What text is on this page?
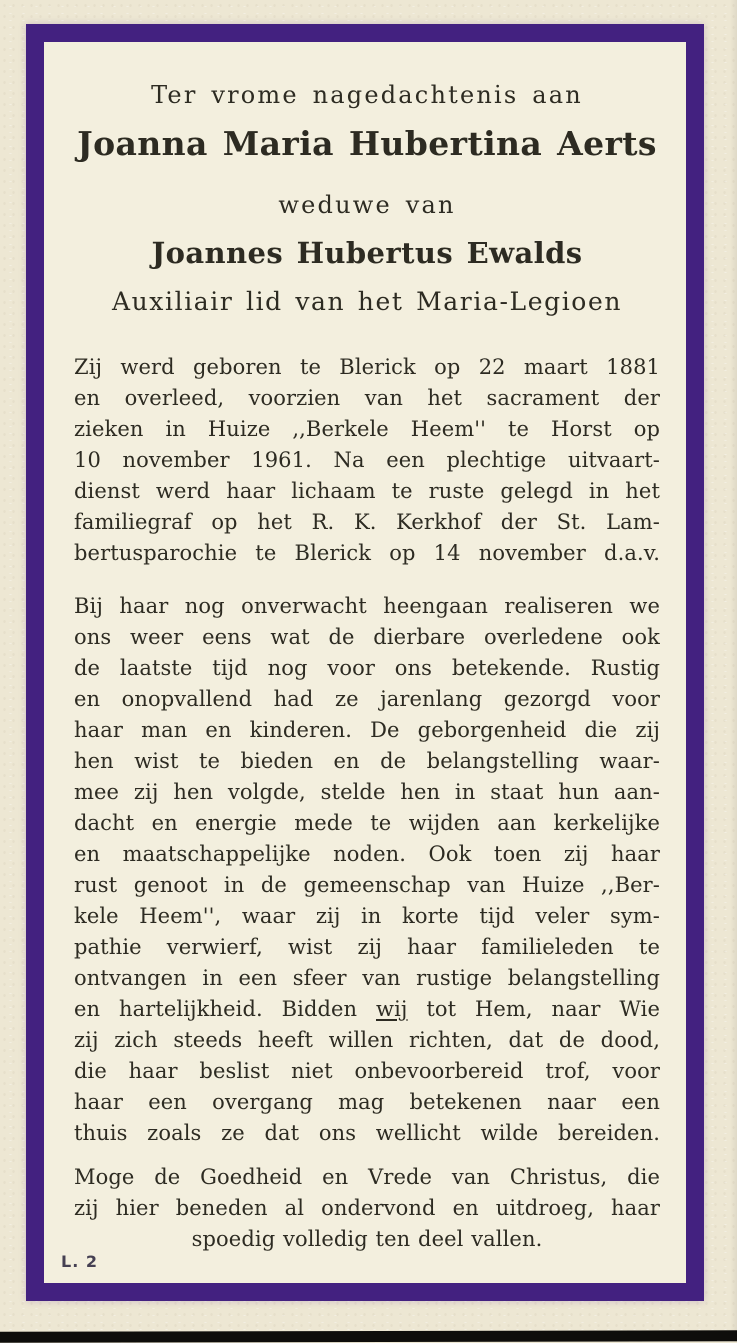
Ter vrome nagedachtenis aan
Joanna Maria Hubertina Aerts
weduwe van
Joannes Hubertus Ewalds
Auxiliair lid van het Maria-Legioen
Zij werd geboren te Blerick op 22 maart 1881
en overleed, voorzien van het sacrament der
zieken in Huize ,,Berkele Heem'' te Horst op
10 november 1961. Na een plechtige uitvaart-
dienst werd haar lichaam te ruste gelegd in het
familiegraf op het R. K. Kerkhof der St. Lam-
bertusparochie te Blerick op 14 november d.a.v.
Bij haar nog onverwacht heengaan realiseren we
ons weer eens wat de dierbare overledene ook
de laatste tijd nog voor ons betekende. Rustig
en onopvallend had ze jarenlang gezorgd voor
haar man en kinderen. De geborgenheid die zij
hen wist te bieden en de belangstelling waar-
mee zij hen volgde, stelde hen in staat hun aan-
dacht en energie mede te wijden aan kerkelijke
en maatschappelijke noden. Ook toen zij haar
rust genoot in de gemeenschap van Huize ,,Ber-
kele Heem'', waar zij in korte tijd veler sym-
pathie verwierf, wist zij haar familieleden te
ontvangen in een sfeer van rustige belangstelling
en hartelijkheid. Bidden wij tot Hem, naar Wie
zij zich steeds heeft willen richten, dat de dood,
die haar beslist niet onbevoorbereid trof, voor
haar een overgang mag betekenen naar een
thuis zoals ze dat ons wellicht wilde bereiden.
Moge de Goedheid en Vrede van Christus, die
zij hier beneden al ondervond en uitdroeg, haar
spoedig volledig ten deel vallen.
L. 2
